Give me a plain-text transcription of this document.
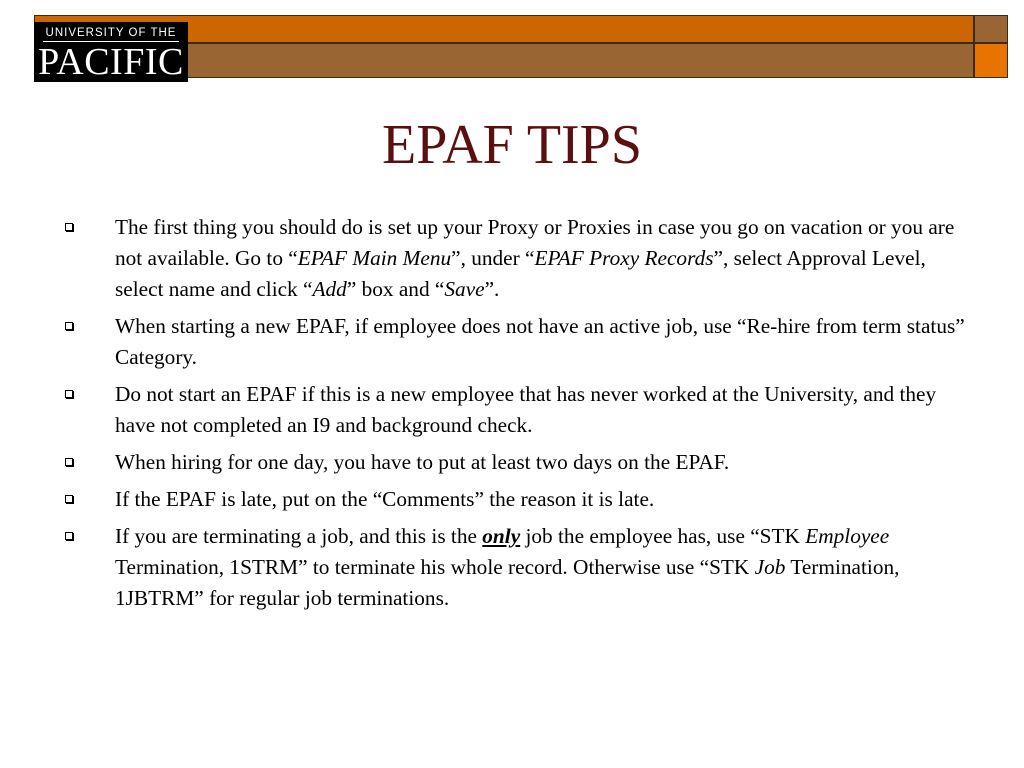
UNIVERSITY OF THE
PACIFIC
EPAF TIPS
The first thing you should do is set up your Proxy or Proxies in case you go on vacation or you are not available. Go to “EPAF Main Menu”, under “EPAF Proxy Records”, select Approval Level, select name and click “Add” box and “Save”.
When starting a new EPAF, if employee does not have an active job, use “Re-hire from term status” Category.
Do not start an EPAF if this is a new employee that has never worked at the University, and they have not completed an I9 and background check.
When hiring for one day, you have to put at least two days on the EPAF.
If the EPAF is late, put on the “Comments” the reason it is late.
If you are terminating a job, and this is the only job the employee has, use “STK Employee Termination, 1STRM” to terminate his whole record. Otherwise use “STK Job Termination, 1JBTRM” for regular job terminations.
